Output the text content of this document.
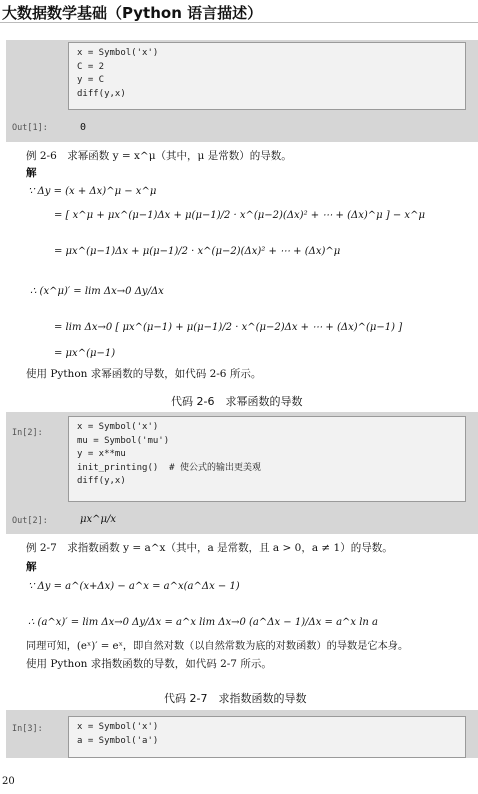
大数据数学基础（Python 语言描述）
x = Symbol('x')
C = 2
y = C
diff(y,x)
Out[1]:	0
例 2-6　求幂函数 y = x^μ（其中，μ 是常数）的导数。
解
∵ Δy = (x + Δx)^μ − x^μ
= [ x^μ + μx^(μ−1)Δx + μ(μ−1)/2 · x^(μ−2)(Δx)² + ⋯ + (Δx)^μ ] − x^μ
= μx^(μ−1)Δx + μ(μ−1)/2 · x^(μ−2)(Δx)² + ⋯ + (Δx)^μ
∴ (x^μ)′ = lim Δx→0 Δy/Δx
= lim Δx→0 [ μx^(μ−1) + μ(μ−1)/2 · x^(μ−2)Δx + ⋯ + (Δx)^(μ−1) ]
= μx^(μ−1)
使用 Python 求幂函数的导数，如代码 2-6 所示。
代码 2-6　求幂函数的导数
In[2]:
x = Symbol('x')
mu = Symbol('mu')
y = x**mu
init_printing()  # 使公式的输出更美观
diff(y,x)
Out[2]:	μx^μ/x
例 2-7　求指数函数 y = a^x（其中，a 是常数，且 a > 0，a ≠ 1）的导数。
解
∵ Δy = a^(x+Δx) − a^x = a^x(a^Δx − 1)
∴ (a^x)′ = lim Δx→0 Δy/Δx = a^x lim Δx→0 (a^Δx − 1)/Δx = a^x ln a
同理可知，(eˣ)′ = eˣ，即自然对数（以自然常数为底的对数函数）的导数是它本身。
使用 Python 求指数函数的导数，如代码 2-7 所示。
代码 2-7　求指数函数的导数
In[3]:	x = Symbol('x')
a = Symbol('a')
20
